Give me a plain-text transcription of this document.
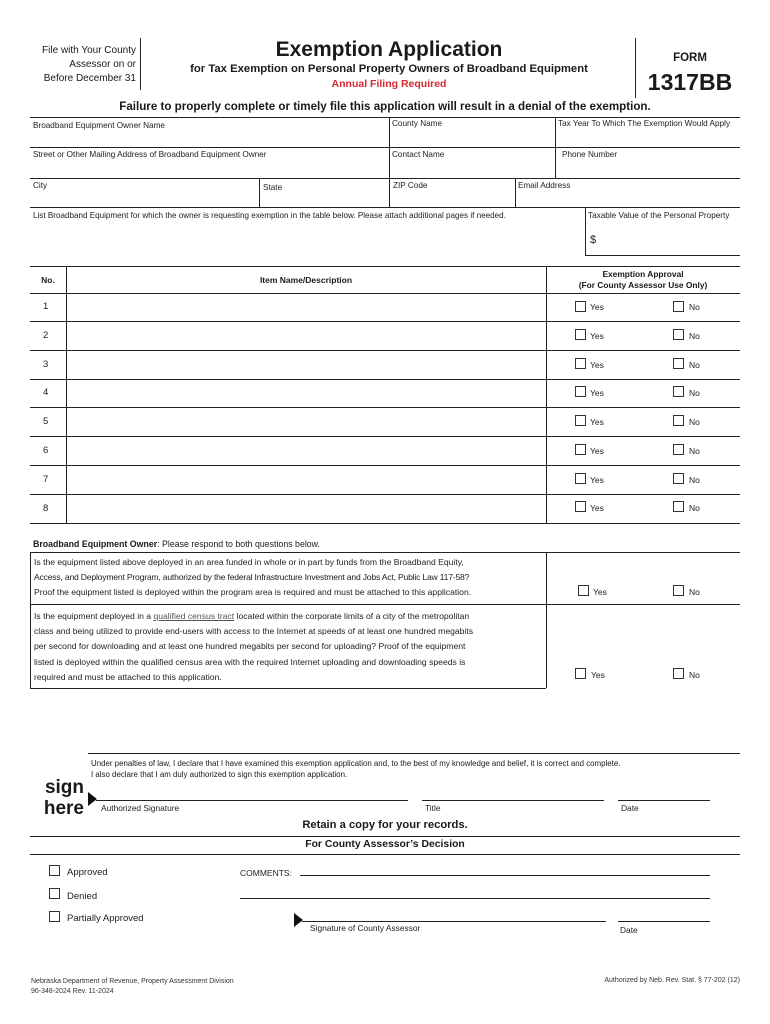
File with Your County
Assessor on or
Before December 31
Exemption Application
for Tax Exemption on Personal Property Owners of Broadband Equipment
Annual Filing Required
FORM
1317BB
Failure to properly complete or timely file this application will result in a denial of the exemption.
Broadband Equipment Owner Name	County Name	Tax Year To Which The Exemption Would Apply
Street or Other Mailing Address of Broadband Equipment Owner	Contact Name	Phone Number
City	State	ZIP Code	Email Address
List Broadband Equipment for which the owner is requesting exemption in the table below. Please attach additional pages if needed.	Taxable Value of the Personal Property
$
No.	Item Name/Description
Exemption Approval
(For County Assessor Use Only)
1	Yes	No
2	Yes	No
3	Yes	No
4	Yes	No
5	Yes	No
6	Yes	No
7	Yes	No
8	Yes	No
Broadband Equipment Owner: Please respond to both questions below.
Is the equipment listed above deployed in an area funded in whole or in part by funds from the Broadband Equity,
Access, and Deployment Program, authorized by the federal Infrastructure Investment and Jobs Act, Public Law 117-58?
Proof the equipment listed is deployed within the program area is required and must be attached to this application.	Yes	No
Is the equipment deployed in a qualified census tract located within the corporate limits of a city of the metropolitan
class and being utilized to provide end-users with access to the Internet at speeds of at least one hundred megabits
per second for downloading and at least one hundred megabits per second for uploading? Proof of the equipment
listed is deployed within the qualified census area with the required Internet uploading and downloading speeds is
required and must be attached to this application.	Yes	No
Under penalties of law, I declare that I have examined this exemption application and, to the best of my knowledge and belief, it is correct and complete.
I also declare that I am duly authorized to sign this exemption application.
sign
here Authorized Signature	Title	Date
Retain a copy for your records.
For County Assessor’s Decision
Approved
Denied
Partially Approved
COMMENTS:
Signature of County Assessor	Date
Nebraska Department of Revenue, Property Assessment Division
96-348-2024 Rev. 11-2024
Authorized by Neb. Rev. Stat. § 77-202 (12)
